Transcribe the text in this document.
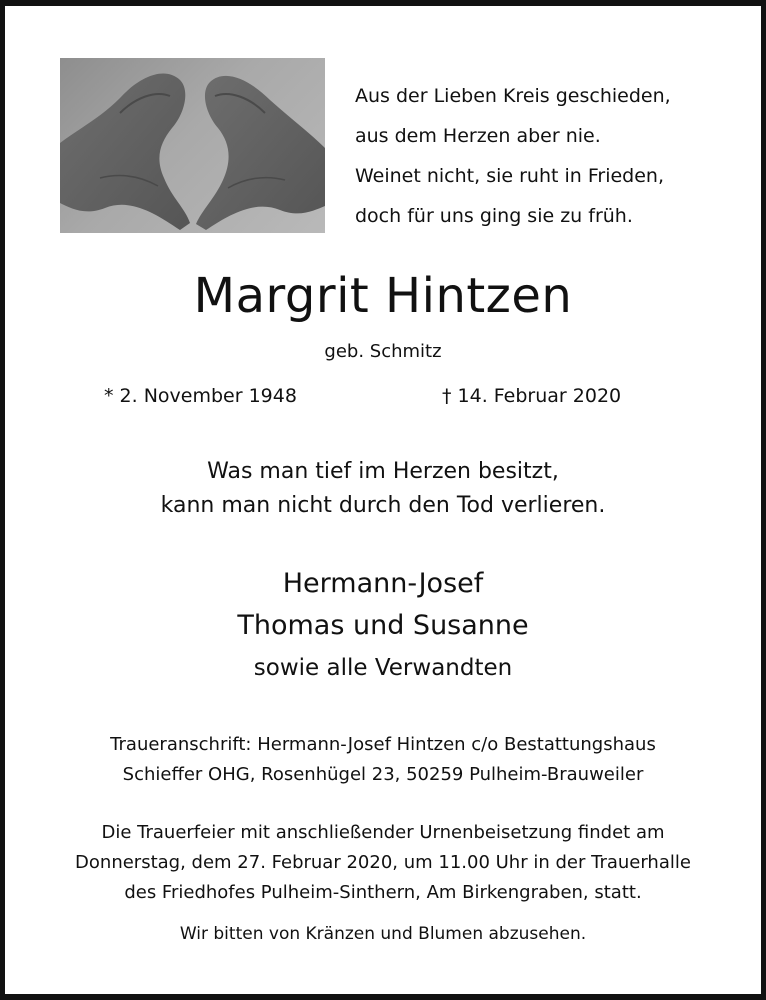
Aus der Lieben Kreis geschieden,
aus dem Herzen aber nie.
Weinet nicht, sie ruht in Frieden,
doch für uns ging sie zu früh.
Margrit Hintzen
geb. Schmitz
* 2. November 1948	† 14. Februar 2020
Was man tief im Herzen besitzt,
kann man nicht durch den Tod verlieren.
Hermann-Josef
Thomas und Susanne
sowie alle Verwandten
Traueranschrift: Hermann-Josef Hintzen c/o Bestattungshaus
Schieffer OHG, Rosenhügel 23, 50259 Pulheim-Brauweiler
Die Trauerfeier mit anschließender Urnenbeisetzung findet am
Donnerstag, dem 27. Februar 2020, um 11.00 Uhr in der Trauerhalle
des Friedhofes Pulheim-Sinthern, Am Birkengraben, statt.
Wir bitten von Kränzen und Blumen abzusehen.
